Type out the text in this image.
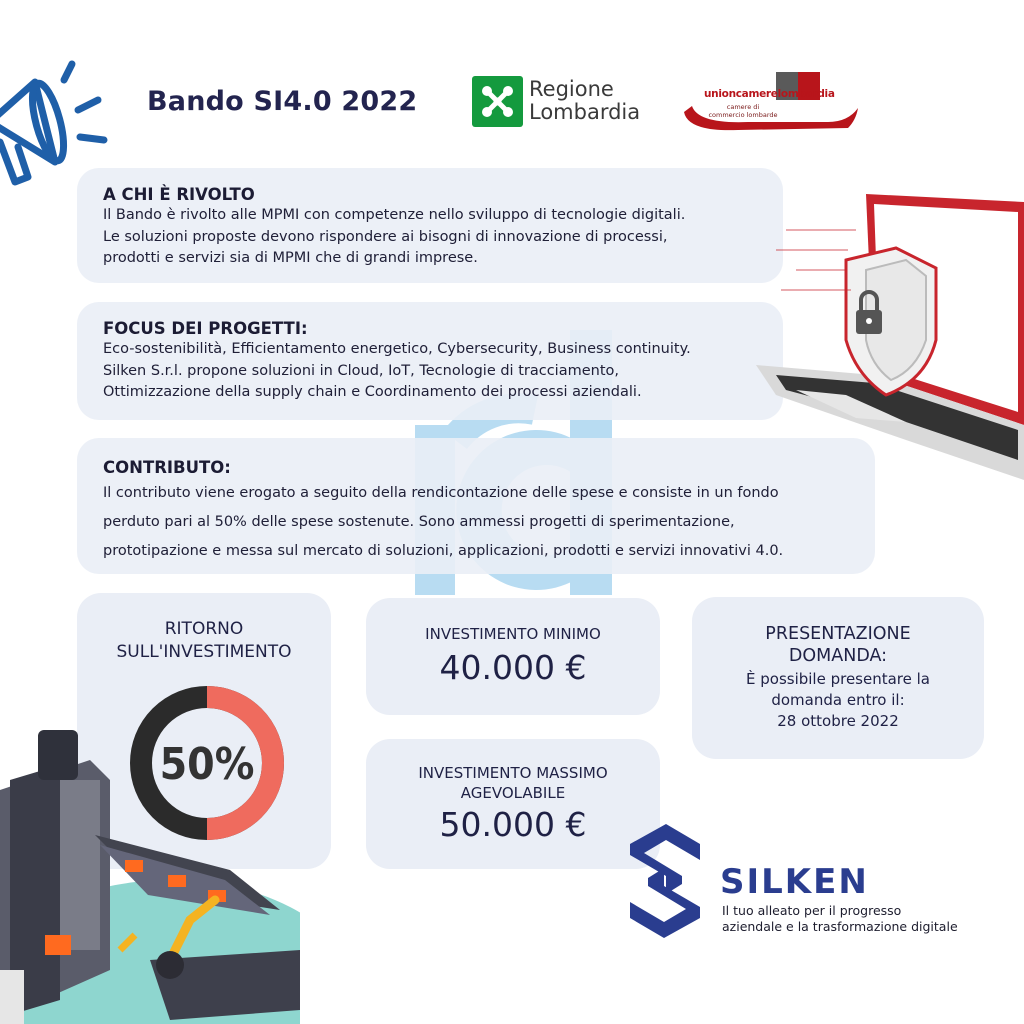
Bando SI4.0 2022	Regione
Lombardia
unioncamerelombardia
camere di commercio lombarde
A CHI È RIVOLTO

Il Bando è rivolto alle MPMI con competenze nello sviluppo di tecnologie digitali.

Le soluzioni proposte devono rispondere ai bisogni di innovazione di processi,

prodotti e servizi sia di MPMI che di grandi imprese.

FOCUS DEI PROGETTI:

Eco-sostenibilità, Efficientamento energetico, Cybersecurity, Business continuity.

Silken S.r.l. propone soluzioni in Cloud, IoT, Tecnologie di tracciamento,

Ottimizzazione della supply chain e Coordinamento dei processi aziendali.

CONTRIBUTO:

Il contributo viene erogato a seguito della rendicontazione delle spese e consiste in un fondo

perduto pari al 50% delle spese sostenute. Sono ammessi progetti di sperimentazione,

prototipazione e messa sul mercato di soluzioni, applicazioni, prodotti e servizi innovativi 4.0.

RITORNO
SULL'INVESTIMENTO
50%
INVESTIMENTO MINIMO
40.000 €
INVESTIMENTO MASSIMO
AGEVOLABILE
50.000 €
PRESENTAZIONE
DOMANDA:
È possibile presentare la
domanda entro il:
28 ottobre 2022
SILKEN
Il tuo alleato per il progresso
aziendale e la trasformazione digitale
